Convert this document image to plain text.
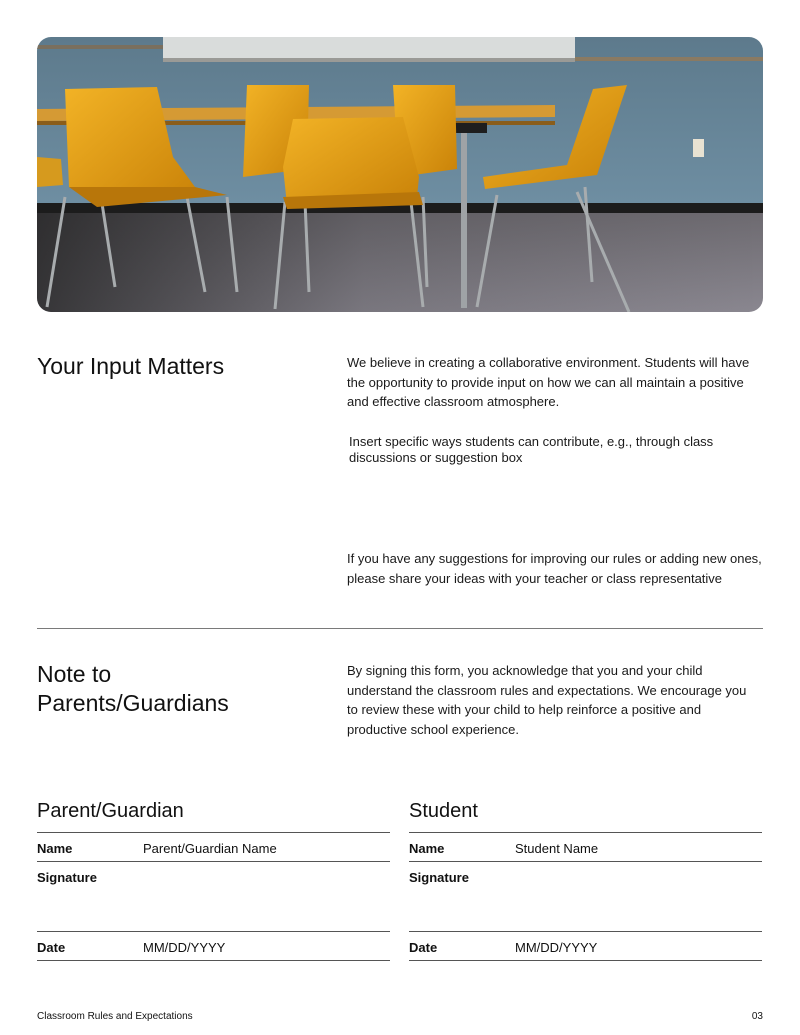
Your Input Matters	We believe in creating a collaborative environment. Students will have the opportunity to provide input on how we can all maintain a positive and effective classroom atmosphere.

Insert specific ways students can contribute, e.g., through class discussions or suggestion box

If you have any suggestions for improving our rules or adding new ones, please share your ideas with your teacher or class representative

Note to Parents/Guardians

By signing this form, you acknowledge that you and your child understand the classroom rules and expectations. We encourage you to review these with your child to help reinforce a positive and productive school experience.

Parent/Guardian
Name	Parent/Guardian Name
Signature
Date	MM/DD/YYYY
Student
Name	Student Name
Signature
Date	MM/DD/YYYY
Classroom Rules and Expectations	03
